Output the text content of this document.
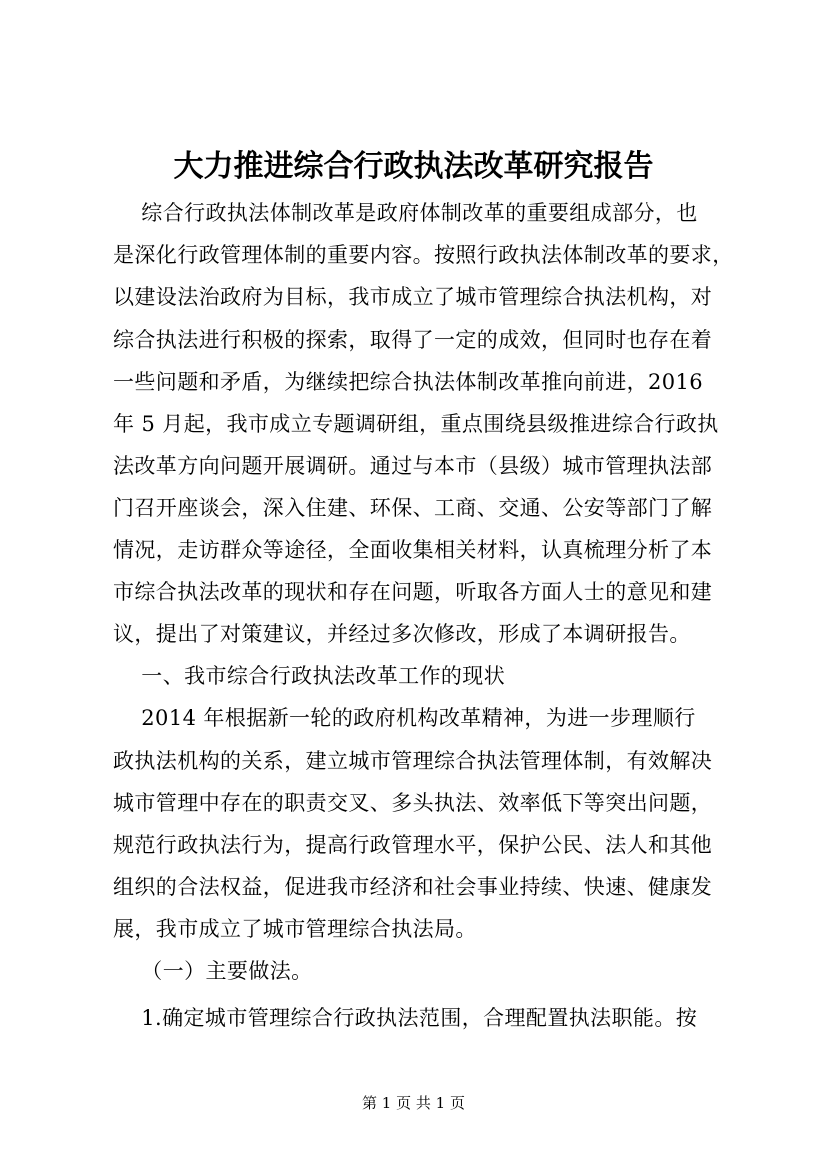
大力推进综合行政执法改革研究报告
综合行政执法体制改革是政府体制改革的重要组成部分，也
是深化行政管理体制的重要内容。按照行政执法体制改革的要求，
以建设法治政府为目标，我市成立了城市管理综合执法机构，对
综合执法进行积极的探索，取得了一定的成效，但同时也存在着
一些问题和矛盾，为继续把综合执法体制改革推向前进，2016
年 5 月起，我市成立专题调研组，重点围绕县级推进综合行政执
法改革方向问题开展调研。通过与本市（县级）城市管理执法部
门召开座谈会，深入住建、环保、工商、交通、公安等部门了解
情况，走访群众等途径，全面收集相关材料，认真梳理分析了本
市综合执法改革的现状和存在问题，听取各方面人士的意见和建
议，提出了对策建议，并经过多次修改，形成了本调研报告。
一、我市综合行政执法改革工作的现状
2014 年根据新一轮的政府机构改革精神，为进一步理顺行
政执法机构的关系，建立城市管理综合执法管理体制，有效解决
城市管理中存在的职责交叉、多头执法、效率低下等突出问题，
规范行政执法行为，提高行政管理水平，保护公民、法人和其他
组织的合法权益，促进我市经济和社会事业持续、快速、健康发
展，我市成立了城市管理综合执法局。
（一）主要做法。
1.确定城市管理综合行政执法范围，合理配置执法职能。按
第 1 页 共 1 页
